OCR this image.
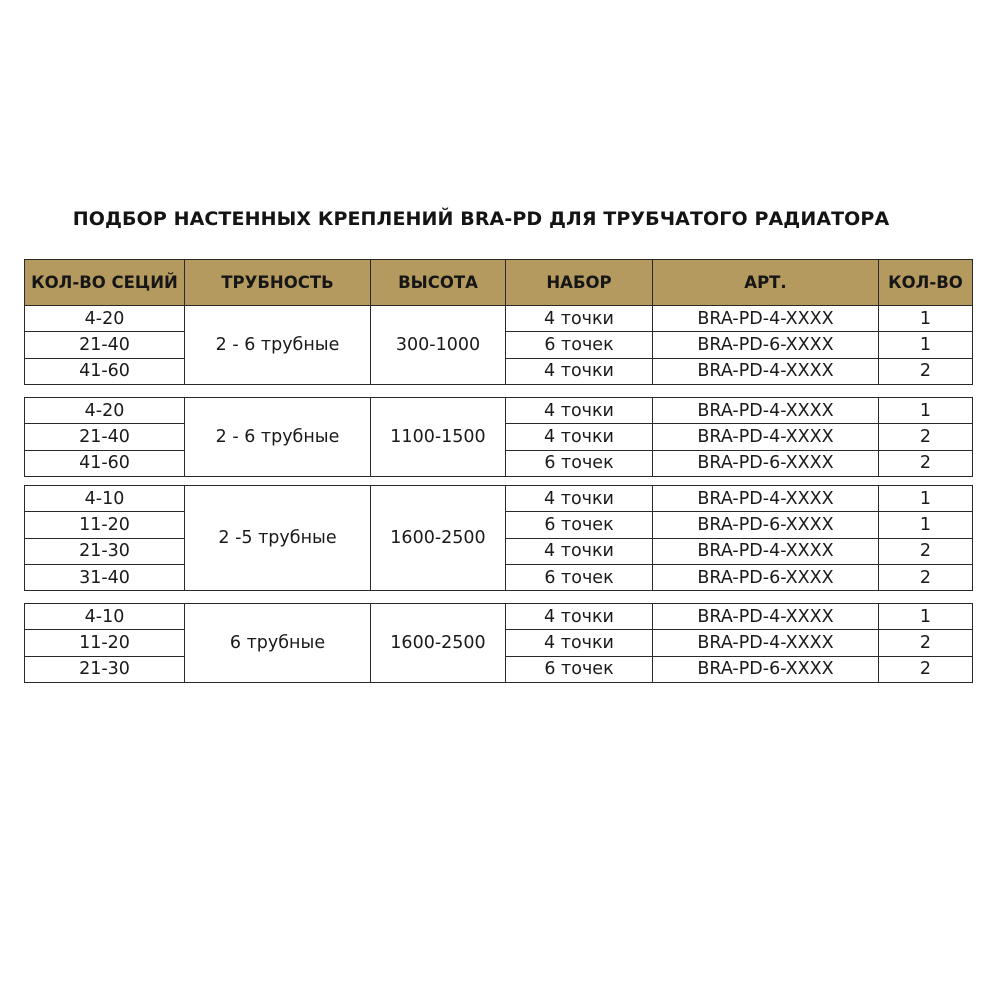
ПОДБОР НАСТЕННЫХ КРЕПЛЕНИЙ BRA-PD ДЛЯ ТРУБЧАТОГО РАДИАТОРА
КОЛ-ВО СЕЦИЙ	ТРУБНОСТЬ	ВЫСОТА	НАБОР	АРТ.	КОЛ-ВО
4-20	2 - 6 трубные	300-1000	4 точки	BRA-PD-4-XXXX	1
21-40			6 точек	BRA-PD-6-XXXX	1
41-60			4 точки	BRA-PD-4-XXXX	2
4-20	2 - 6 трубные	1100-1500	4 точки	BRA-PD-4-XXXX	1
21-40			4 точки	BRA-PD-4-XXXX	2
41-60			6 точек	BRA-PD-6-XXXX	2
4-10	2 -5 трубные	1600-2500	4 точки	BRA-PD-4-XXXX	1
11-20			6 точек	BRA-PD-6-XXXX	1
21-30			4 точки	BRA-PD-4-XXXX	2
31-40			6 точек	BRA-PD-6-XXXX	2
4-10	6 трубные	1600-2500	4 точки	BRA-PD-4-XXXX	1
11-20			4 точки	BRA-PD-4-XXXX	2
21-30			6 точек	BRA-PD-6-XXXX	2
